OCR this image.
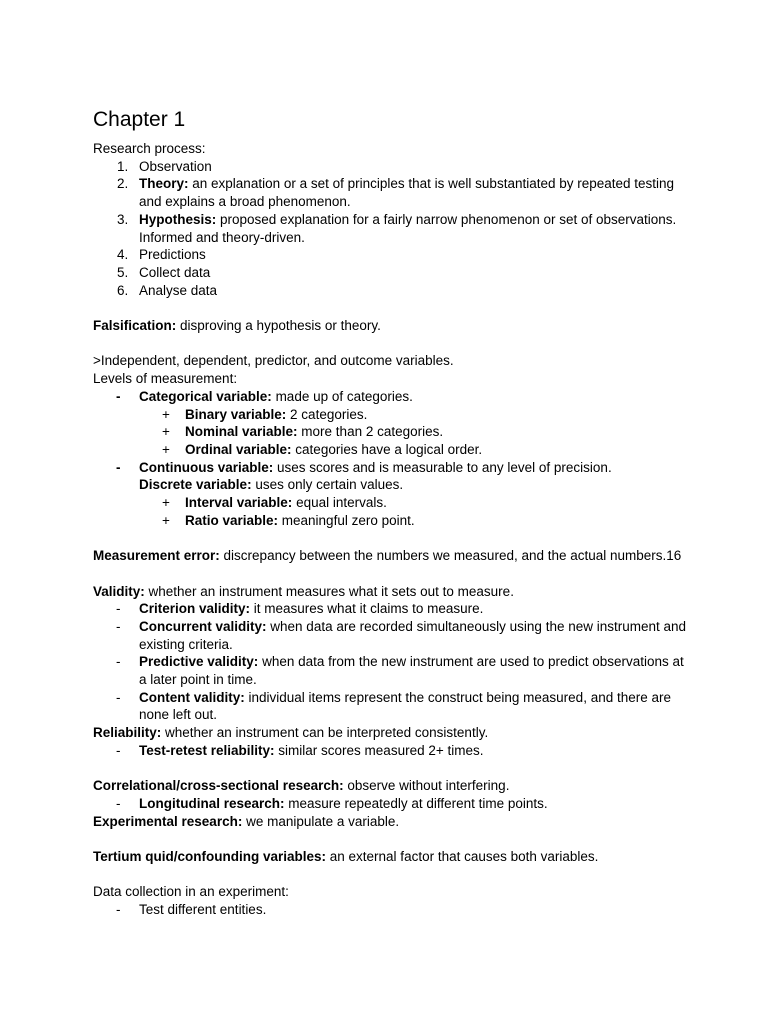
Chapter 1

Research process:

1. Observation
2. Theory: an explanation or a set of principles that is well substantiated by repeated testing and explains a broad phenomenon.
3. Hypothesis: proposed explanation for a fairly narrow phenomenon or set of observations. Informed and theory-driven.
4. Predictions
5. Collect data
6. Analyse data

Falsification: disproving a hypothesis or theory.

>Independent, dependent, predictor, and outcome variables.

Levels of measurement:

-	Categorical variable: made up of categories.
+	Binary variable: 2 categories.
+	Nominal variable: more than 2 categories.
+	Ordinal variable: categories have a logical order.
-	Continuous variable: uses scores and is measurable to any level of precision.

Discrete variable: uses only certain values.

+	Interval variable: equal intervals.
+	Ratio variable: meaningful zero point.

Measurement error: discrepancy between the numbers we measured, and the actual numbers.16

Validity: whether an instrument measures what it sets out to measure.

-	Criterion validity: it measures what it claims to measure.
-	Concurrent validity: when data are recorded simultaneously using the new instrument and existing criteria.
-	Predictive validity: when data from the new instrument are used to predict observations at a later point in time.
-	Content validity: individual items represent the construct being measured, and there are none left out.

Reliability: whether an instrument can be interpreted consistently.

-	Test-retest reliability: similar scores measured 2+ times.

Correlational/cross-sectional research: observe without interfering.

-	Longitudinal research: measure repeatedly at different time points.

Experimental research: we manipulate a variable.

Tertium quid/confounding variables: an external factor that causes both variables.

Data collection in an experiment:

-	Test different entities.
